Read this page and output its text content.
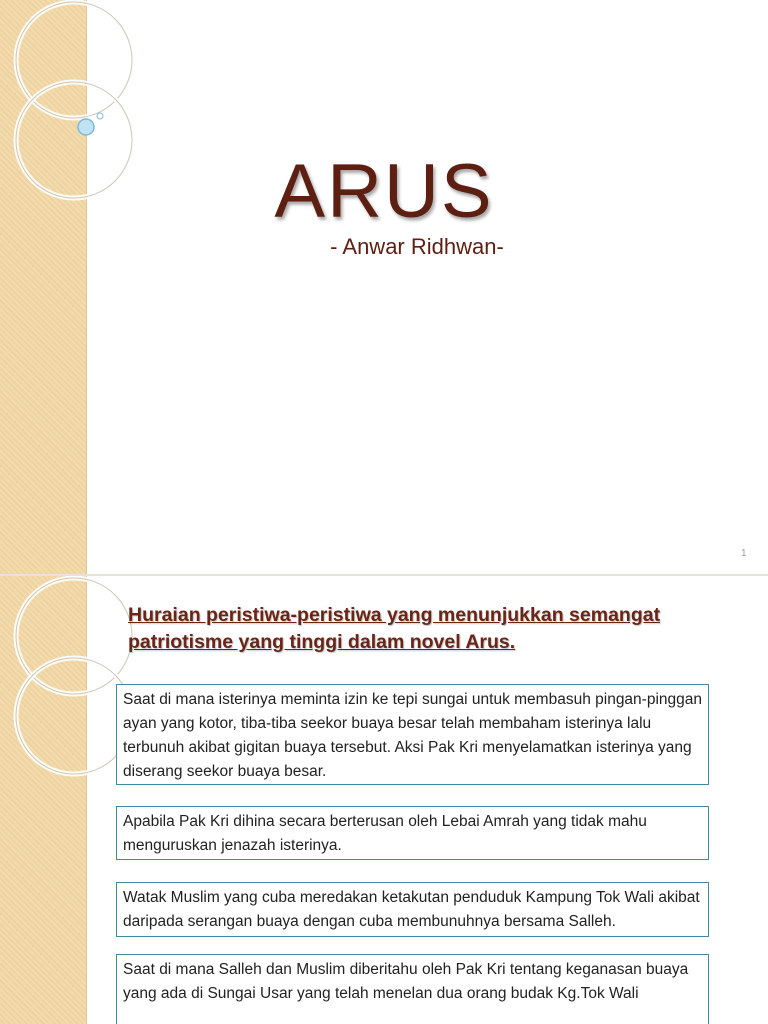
ARUS
- Anwar Ridhwan-
1
Huraian peristiwa-peristiwa yang menunjukkan semangat patriotisme yang tinggi dalam novel Arus.
Saat di mana isterinya meminta izin ke tepi sungai untuk membasuh pingan-pinggan ayan yang kotor, tiba-tiba seekor buaya besar telah membaham isterinya lalu terbunuh akibat gigitan buaya tersebut. Aksi Pak Kri menyelamatkan isterinya yang diserang seekor buaya besar.
Apabila Pak Kri dihina secara berterusan oleh Lebai Amrah yang tidak mahu menguruskan jenazah isterinya.
Watak Muslim yang cuba meredakan ketakutan penduduk Kampung Tok Wali akibat daripada serangan buaya dengan cuba membunuhnya bersama Salleh.
Saat di mana Salleh dan Muslim diberitahu oleh Pak Kri tentang keganasan buaya yang ada di Sungai Usar yang telah menelan dua orang budak Kg.Tok Wali
